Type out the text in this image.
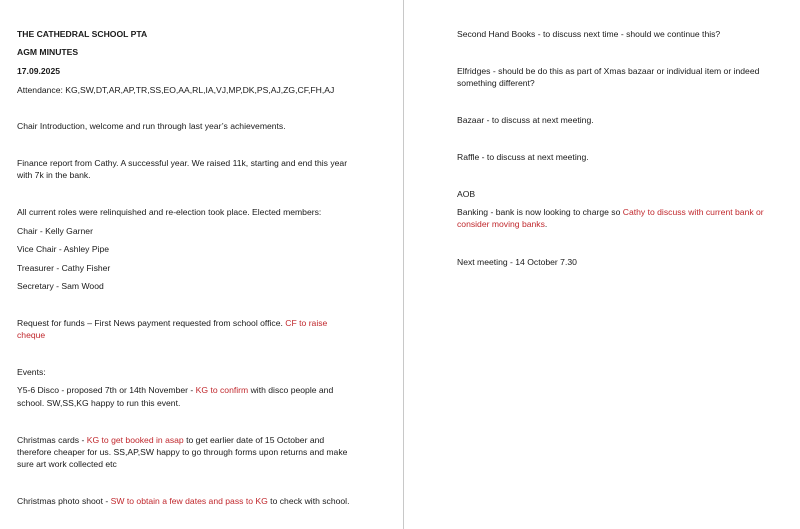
THE CATHEDRAL SCHOOL PTA

AGM MINUTES

17.09.2025

Attendance: KG,SW,DT,AR,AP,TR,SS,EO,AA,RL,IA,VJ,MP,DK,PS,AJ,ZG,CF,FH,AJ

Chair Introduction, welcome and run through last year’s achievements.

Finance report from Cathy. A successful year. We raised 11k, starting and end this year

with 7k in the bank.

All current roles were relinquished and re-election took place. Elected members:

Chair - Kelly Garner

Vice Chair - Ashley Pipe

Treasurer - Cathy Fisher

Secretary - Sam Wood

Request for funds – First News payment requested from school office. CF to raise

cheque

Events:

Y5-6 Disco - proposed 7th or 14th November - KG to confirm with disco people and

school. SW,SS,KG happy to run this event.

Christmas cards - KG to get booked in asap to get earlier date of 15 October and

therefore cheaper for us. SS,AP,SW happy to go through forms upon returns and make

sure art work collected etc

Christmas photo shoot - SW to obtain a few dates and pass to KG to check with school.

Second Hand Books - to discuss next time - should we continue this?

Elfridges - should be do this as part of Xmas bazaar or individual item or indeed

something different?

Bazaar - to discuss at next meeting.

Raffle - to discuss at next meeting.

AOB

Banking - bank is now looking to charge so Cathy to discuss with current bank or

consider moving banks.

Next meeting - 14 October 7.30
